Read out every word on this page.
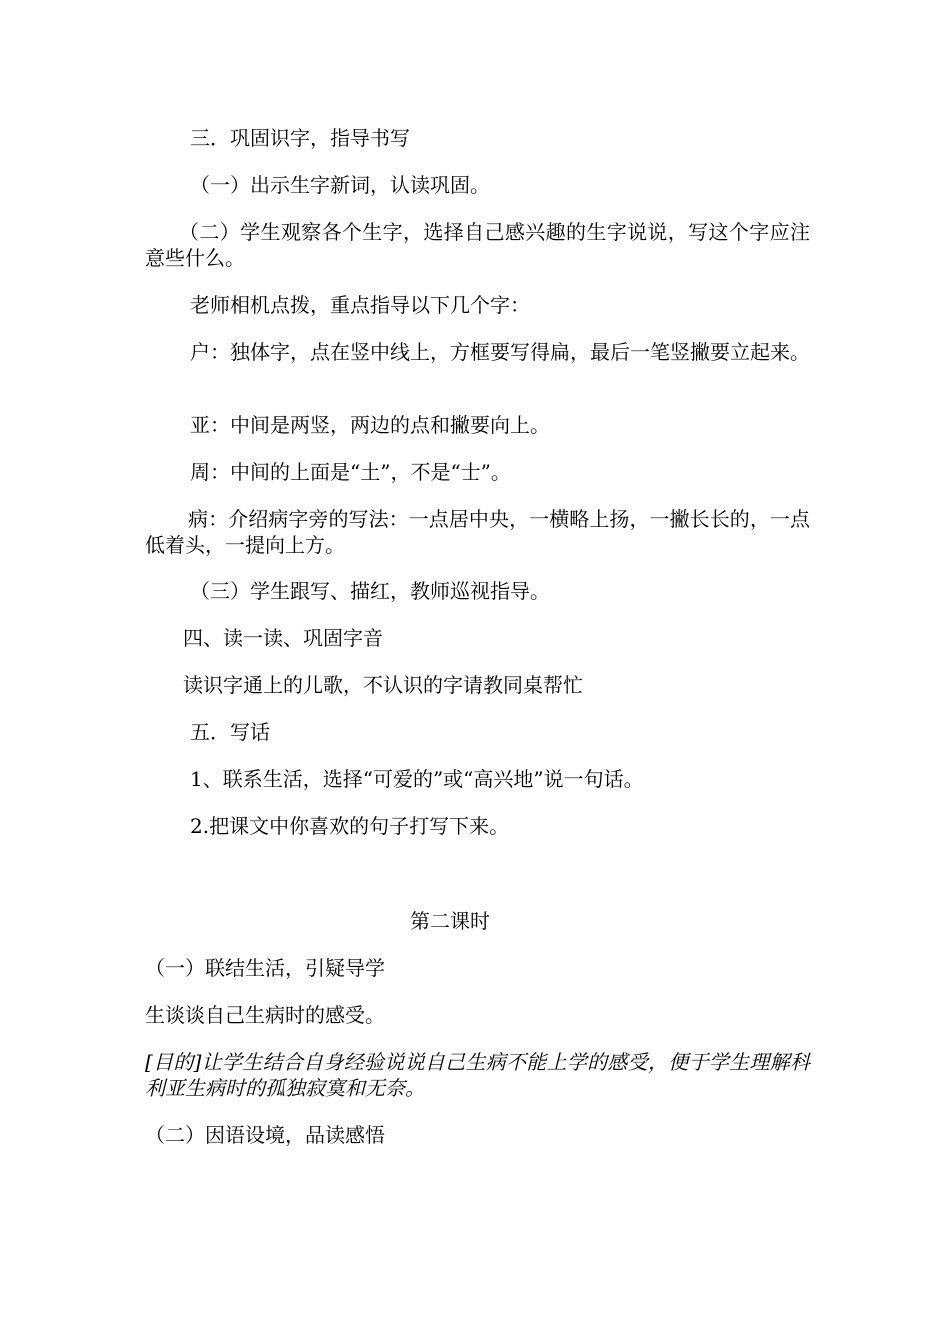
三．巩固识字，指导书写
（一）出示生字新词，认读巩固。
（二）学生观察各个生字，选择自己感兴趣的生字说说，写这个字应注意些什么。
老师相机点拨，重点指导以下几个字：
户：独体字，点在竖中线上，方框要写得扁，最后一笔竖撇要立起来。
亚：中间是两竖，两边的点和撇要向上。
周：中间的上面是“土”，不是“士”。
病：介绍病字旁的写法：一点居中央，一横略上扬，一撇长长的，一点低着头，一提向上方。
（三）学生跟写、描红，教师巡视指导。
四、读一读、巩固字音
读识字通上的儿歌，不认识的字请教同桌帮忙
五．写话
1、联系生活，选择“可爱的”或“高兴地”说一句话。
2.把课文中你喜欢的句子打写下来。
第二课时
（一）联结生活，引疑导学
生谈谈自己生病时的感受。
[目的]让学生结合自身经验说说自己生病不能上学的感受，便于学生理解科利亚生病时的孤独寂寞和无奈。
（二）因语设境，品读感悟
